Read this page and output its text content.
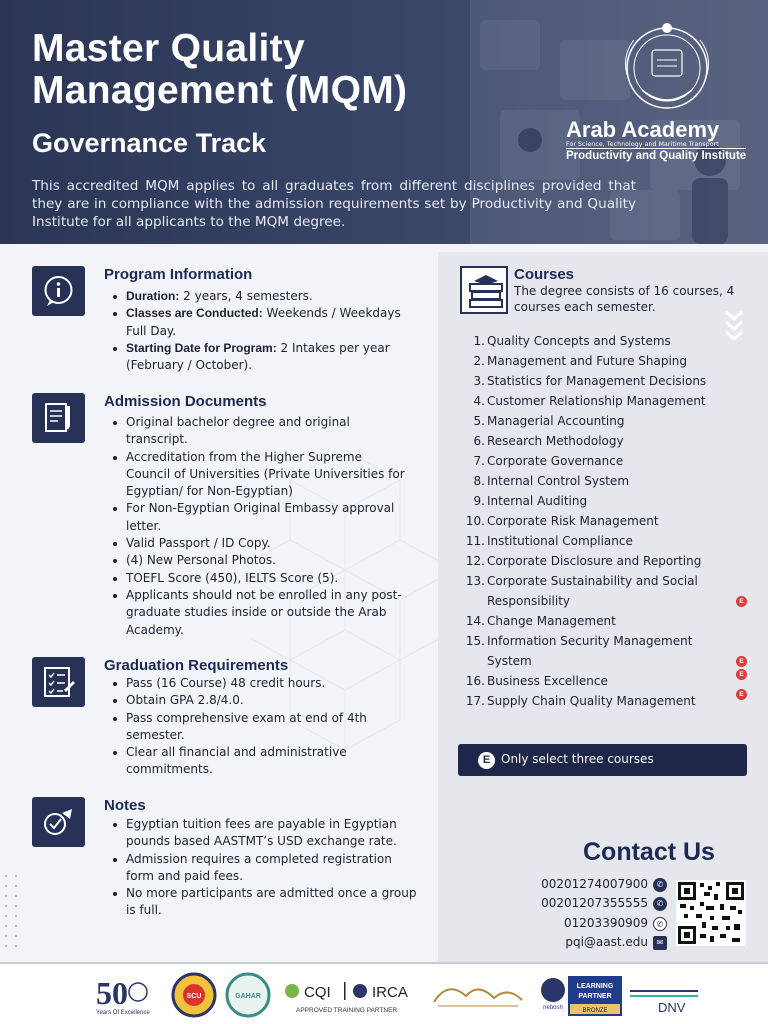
Master Quality
Management (MQM)
Governance Track
This accredited MQM applies to all graduates from different disciplines provided that they are in compliance with the admission requirements set by Productivity and Quality Institute for all applicants to the MQM degree.
Arab Academy
For Science, Technology and Maritime Transport
Productivity and Quality Institute
Program Information
Duration: 2 years, 4 semesters.
Classes are Conducted: Weekends / Weekdays Full Day.
Starting Date for Program: 2 Intakes per year (February / October).
Admission Documents
Original bachelor degree and original transcript.
Accreditation from the Higher Supreme Council of Universities (Private Universities for Egyptian/ for Non-Egyptian)
For Non-Egyptian Original Embassy approval letter.
Valid Passport / ID Copy.
(4) New Personal Photos.
TOEFL Score (450), IELTS Score (5).
Applicants should not be enrolled in any post-graduate studies inside or outside the Arab Academy.
Graduation Requirements
Pass (16 Course) 48 credit hours.
Obtain GPA 2.8/4.0.
Pass comprehensive exam at end of 4th semester.
Clear all financial and administrative commitments.
Notes
Egyptian tuition fees are payable in Egyptian pounds based AASTMT’s USD exchange rate.
Admission requires a completed registration form and paid fees.
No more participants are admitted once a group is full.
Courses
The degree consists of 16 courses, 4 courses each semester.
1. Quality Concepts and Systems
2. Management and Future Shaping
3. Statistics for Management Decisions
4. Customer Relationship Management
5. Managerial Accounting
6. Research Methodology
7. Corporate Governance
8. Internal Control System
9. Internal Auditing
10. Corporate Risk Management
11. Institutional Compliance
12. Corporate Disclosure and Reporting
13. Corporate Sustainability and Social Responsibility	E
14. Change Management
15. Information Security Management System	E
16. Business Excellence	E
17. Supply Chain Quality Management	E
E Only select three courses
Contact Us
00201274007900	✆
00201207355555	✆
01203390909	✆
pqi@aast.edu	✉
50
Years Of Excellence
SCU	GAHAR	CQI	IRCA
APPROVED TRAINING PARTNER	nebosh
LEARNING
PARTNER
BRONZE	DNV
